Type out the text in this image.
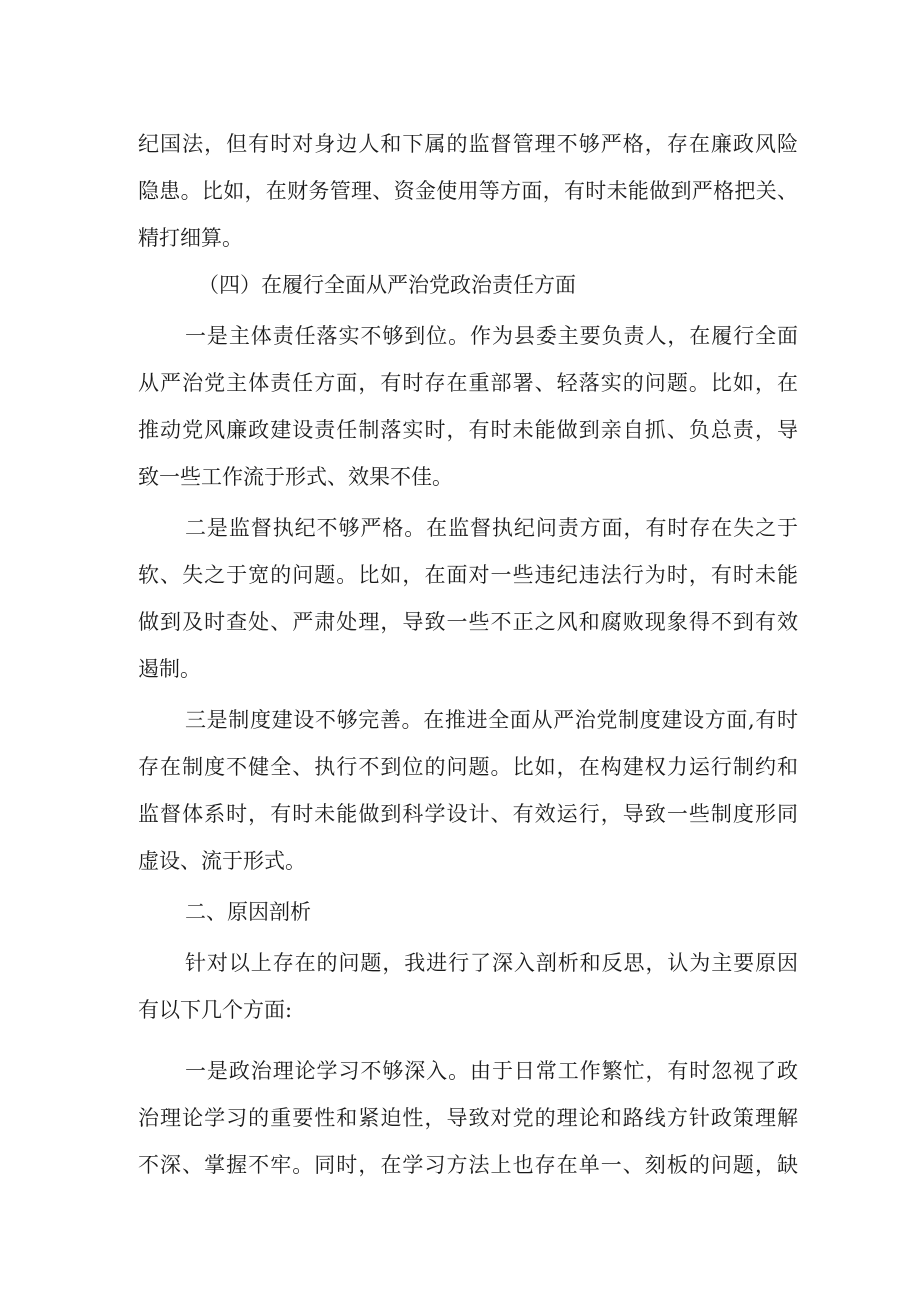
纪国法，但有时对身边人和下属的监督管理不够严格，存在廉政风险
隐患。比如，在财务管理、资金使用等方面，有时未能做到严格把关、
精打细算。
（四）在履行全面从严治党政治责任方面
一是主体责任落实不够到位。作为县委主要负责人，在履行全面
从严治党主体责任方面，有时存在重部署、轻落实的问题。比如，在
推动党风廉政建设责任制落实时，有时未能做到亲自抓、负总责，导
致一些工作流于形式、效果不佳。
二是监督执纪不够严格。在监督执纪问责方面，有时存在失之于
软、失之于宽的问题。比如，在面对一些违纪违法行为时，有时未能
做到及时查处、严肃处理，导致一些不正之风和腐败现象得不到有效
遏制。
三是制度建设不够完善。在推进全面从严治党制度建设方面,有时
存在制度不健全、执行不到位的问题。比如，在构建权力运行制约和
监督体系时，有时未能做到科学设计、有效运行，导致一些制度形同
虚设、流于形式。
二、原因剖析
针对以上存在的问题，我进行了深入剖析和反思，认为主要原因
有以下几个方面:
一是政治理论学习不够深入。由于日常工作繁忙，有时忽视了政
治理论学习的重要性和紧迫性，导致对党的理论和路线方针政策理解
不深、掌握不牢。同时，在学习方法上也存在单一、刻板的问题，缺
